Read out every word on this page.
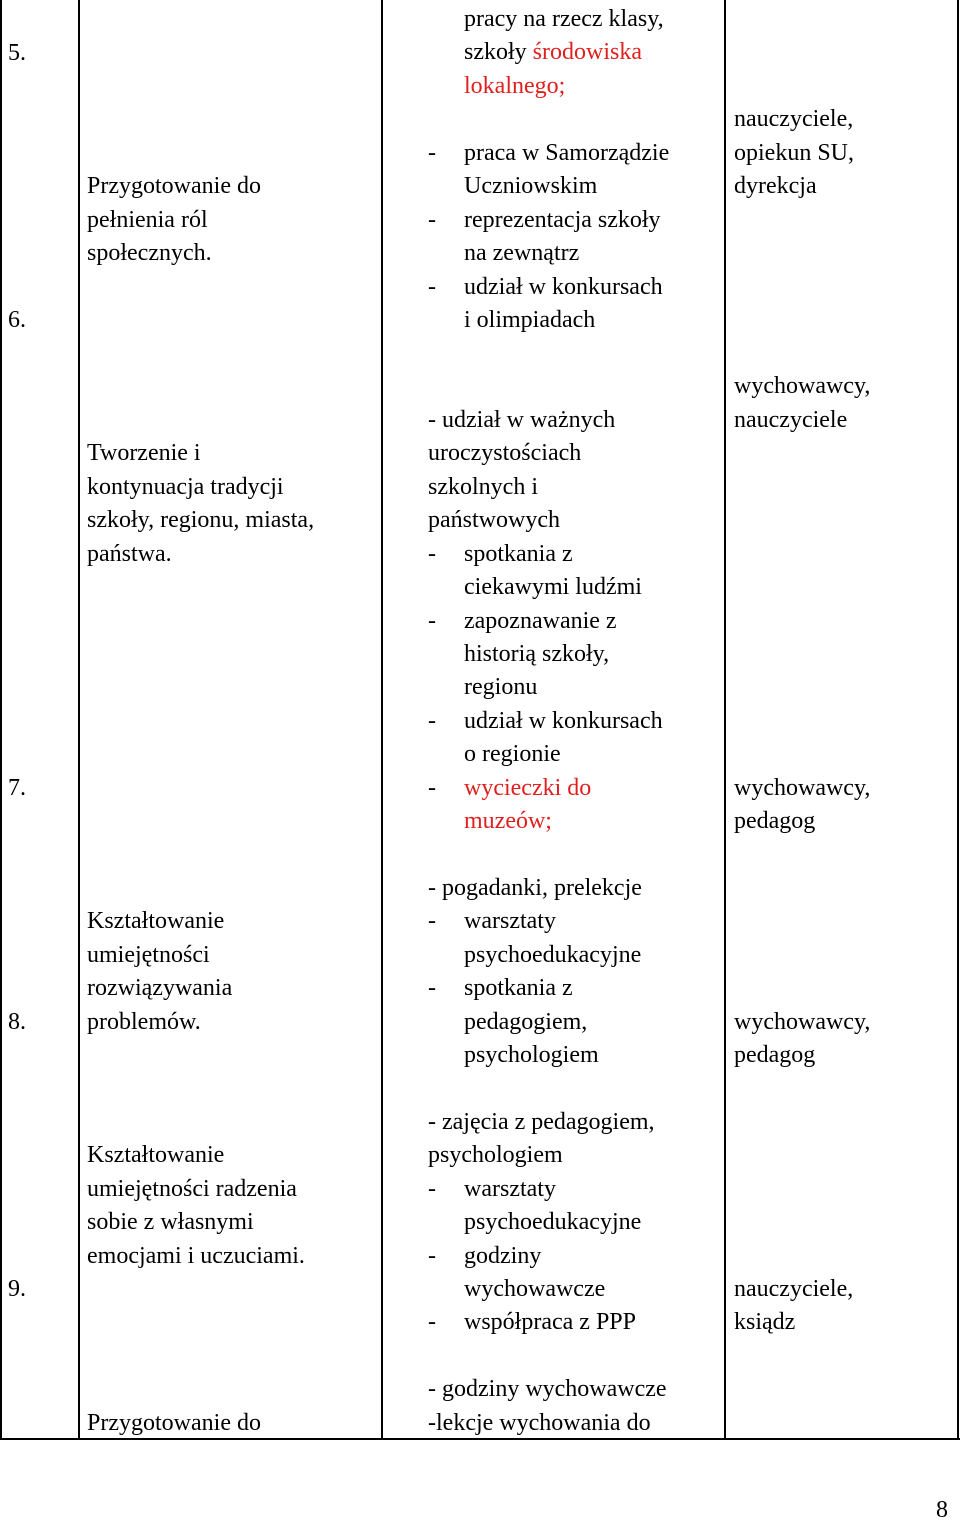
5.
pracy na rzecz klasy,
szkoły środowiska
lokalnego;
nauczyciele,
opiekun SU,
dyrekcja
6.
Przygotowanie do
pełnienia ról
społecznych.
- praca w Samorządzie
Uczniowskim
- reprezentacja szkoły
na zewnątrz
- udział w konkursach
i olimpiadach
7.
Tworzenie i
kontynuacja tradycji
szkoły, regionu, miasta,
państwa.
- udział w ważnych
uroczystościach
szkolnych i
państwowych
- spotkania z
ciekawymi ludźmi
- zapoznawanie z
historią szkoły,
regionu
- udział w konkursach
o regionie
- wycieczki do
muzeów;
wychowawcy,
nauczyciele
wychowawcy,
pedagog
8.
Kształtowanie
umiejętności
rozwiązywania
problemów.
- pogadanki, prelekcje
- warsztaty
psychoedukacyjne
- spotkania z
pedagogiem,
psychologiem
wychowawcy,
pedagog
9.
Kształtowanie
umiejętności radzenia
sobie z własnymi
emocjami i uczuciami.
- zajęcia z pedagogiem,
psychologiem
- warsztaty
psychoedukacyjne
- godziny
wychowawcze
- współpraca z PPP
nauczyciele,
ksiądz
Przygotowanie do
- godziny wychowawcze
-lekcje wychowania do
8
